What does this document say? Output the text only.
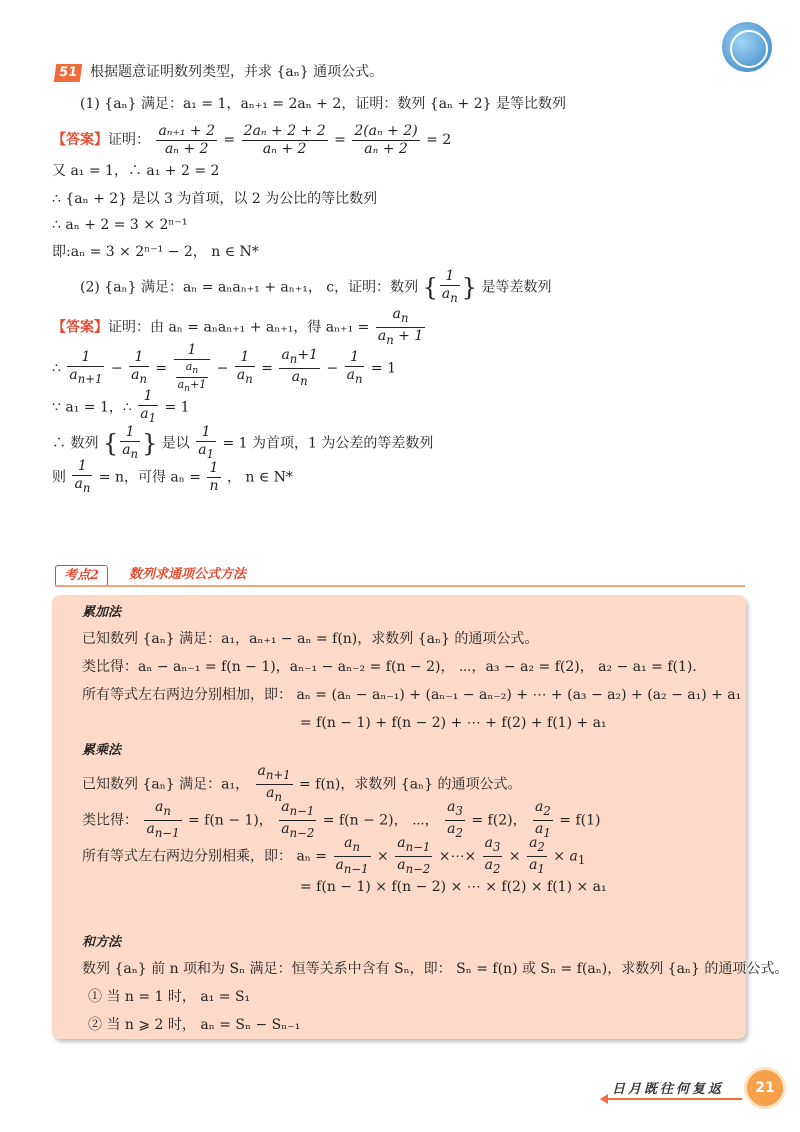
51 根据题意证明数列类型，并求 {aₙ} 通项公式。
(1) {aₙ} 满足：a₁ = 1，aₙ₊₁ = 2aₙ + 2，证明：数列 {aₙ + 2} 是等比数列
【答案】证明： $\frac{\text{aₙ₊₁ + 2}}{\text{aₙ + 2}} = \frac{\text{2aₙ + 2 + 2}}{\text{aₙ + 2}} = \frac{\text{2(aₙ + 2)}}{\text{aₙ + 2}} = 2$
又 a₁ = 1，∴ a₁ + 2 = 2
∴ {aₙ + 2} 是以 3 为首项，以 2 为公比的等比数列
∴ aₙ + 2 = 3 × 2ⁿ⁻¹
即:aₙ = 3 × 2ⁿ⁻¹ − 2， n ∈ N*
(2) {aₙ} 满足：aₙ = aₙaₙ₊₁ + aₙ₊₁， c，证明：数列 { $\frac{1}{a_n}$ } 是等差数列
【答案】证明：由 aₙ = aₙaₙ₊₁ + aₙ₊₁，得 $a_{n+1} = \frac{a_n}{a_n + 1}$
∴ $\frac{1}{a_{n+1}} - \frac{1}{a_n} = \frac{1}{\frac{a_n}{a_n+1}} - \frac{1}{a_n} = \frac{a_n+1}{a_n} - \frac{1}{a_n} = 1$
∵ a₁ = 1，∴ $\frac{1}{a_1} = 1$
∴ 数列 { $\frac{1}{a_n}$ } 是以 $\frac{1}{a_1} = 1$ 为首项，1 为公差的等差数列
则 $\frac{1}{a_n} = n$，可得 $a_n = \frac{1}{n}$ ， n ∈ N*
考点2	数列求通项公式方法
累加法
已知数列 {aₙ} 满足：a₁，aₙ₊₁ − aₙ = f(n)，求数列 {aₙ} 的通项公式。
类比得：aₙ − aₙ₋₁ = f(n − 1)，aₙ₋₁ − aₙ₋₂ = f(n − 2)， ⋯，a₃ − a₂ = f(2)， a₂ − a₁ = f(1).
所有等式左右两边分别相加，即： aₙ = (aₙ − aₙ₋₁) + (aₙ₋₁ − aₙ₋₂) + ⋯ + (a₃ − a₂) + (a₂ − a₁) + a₁
= f(n − 1) + f(n − 2) + ⋯ + f(2) + f(1) + a₁
累乘法
已知数列 {aₙ} 满足：a₁， $\frac{a_{n+1}}{a_n} = f(n)$，求数列 {aₙ} 的通项公式。
类比得： $\frac{a_n}{a_{n-1}} = f(n - 1)$， $\frac{a_{n-1}}{a_{n-2}} = f(n - 2)$， ⋯， $\frac{a_3}{a_2} = f(2)$， $\frac{a_2}{a_1} = f(1)$
所有等式左右两边分别相乘，即： $a_n = \frac{a_n}{a_{n-1}} \times \frac{a_{n-1}}{a_{n-2}}$ ×⋯× $\frac{a_3}{a_2} \times \frac{a_2}{a_1} \times a_1$
= f(n − 1) × f(n − 2) × ⋯ × f(2) × f(1) × a₁
和方法
数列 {aₙ} 前 n 项和为 Sₙ 满足：恒等关系中含有 Sₙ，即： Sₙ = f(n) 或 Sₙ = f(aₙ)，求数列 {aₙ} 的通项公式。
① 当 n = 1 时， a₁ = S₁
② 当 n ⩾ 2 时， aₙ = Sₙ − Sₙ₋₁
日月既往何复返	21
